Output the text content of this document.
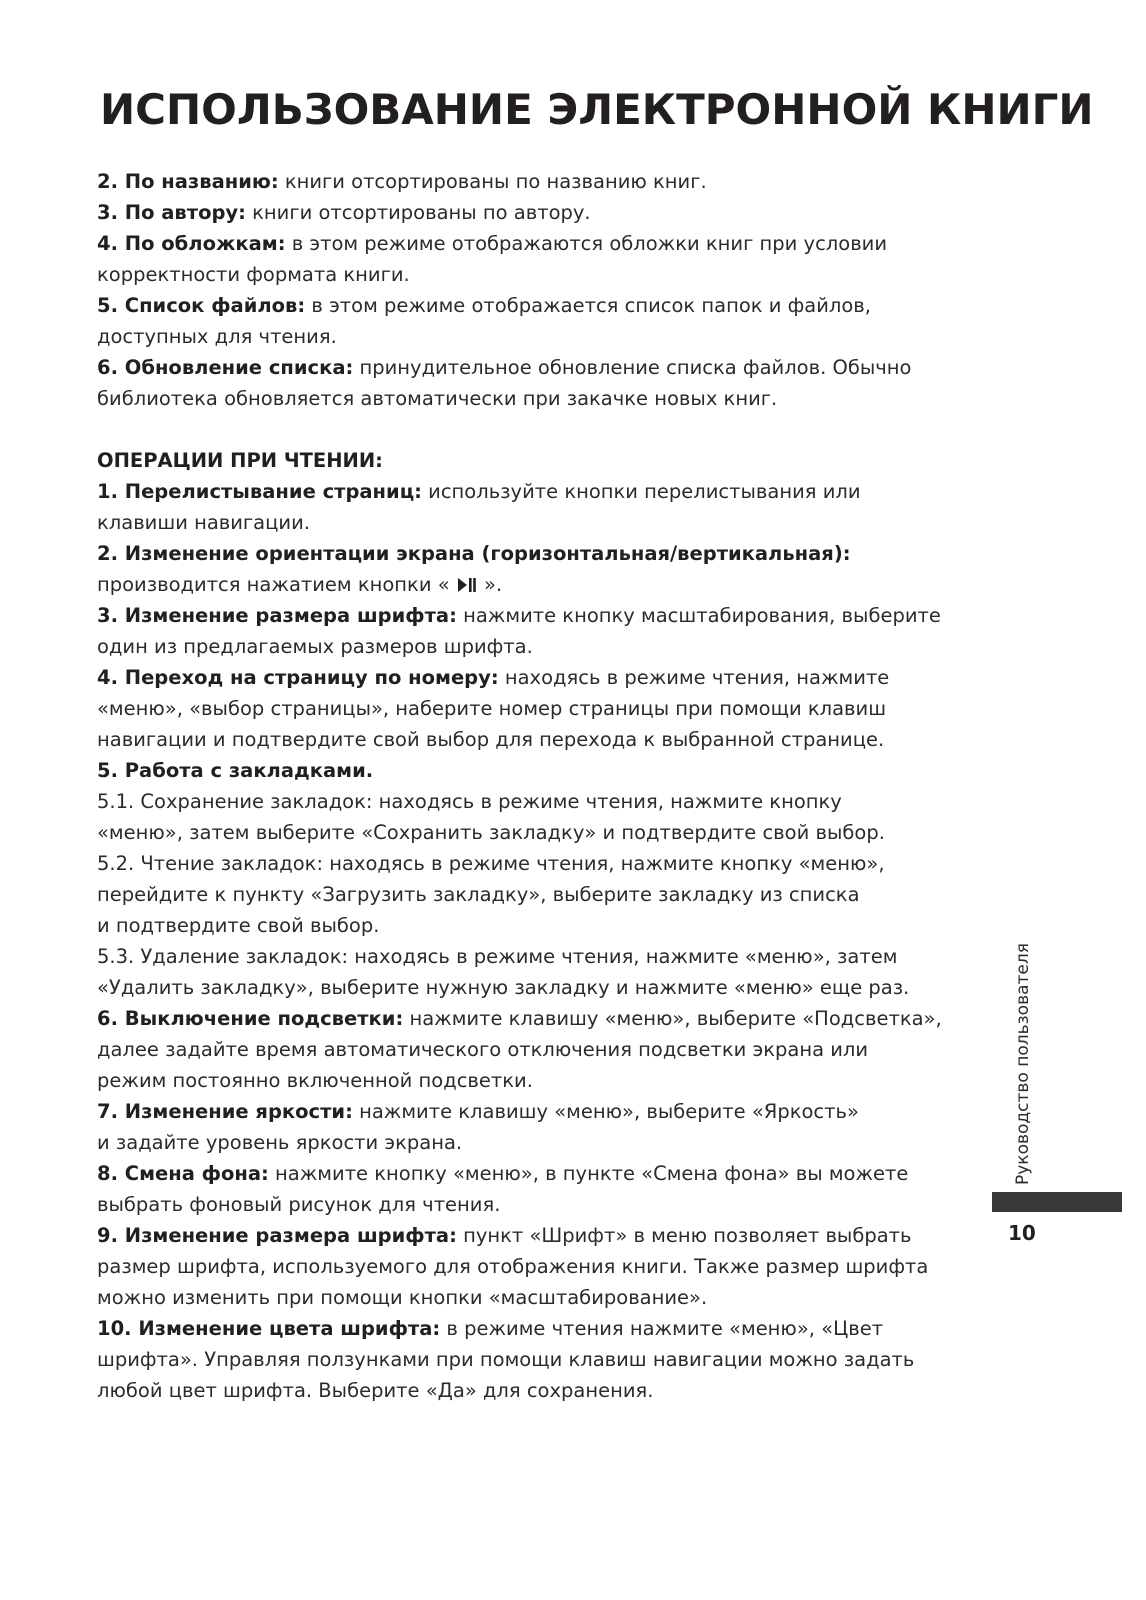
ИСПОЛЬЗОВАНИЕ ЭЛЕКТРОННОЙ КНИГИ
2. По названию: книги отсортированы по названию книг.
3. По автору: книги отсортированы по автору.
4. По обложкам: в этом режиме отображаются обложки книг при условии
корректности формата книги.
5. Список файлов: в этом режиме отображается список папок и файлов,
доступных для чтения.
6. Обновление списка: принудительное обновление списка файлов. Обычно
библиотека обновляется автоматически при закачке новых книг.
ОПЕРАЦИИ ПРИ ЧТЕНИИ:
1. Перелистывание страниц: используйте кнопки перелистывания или
клавиши навигации.
2. Изменение ориентации экрана (горизонтальная/вертикальная):
производится нажатием кнопки «  ».
3. Изменение размера шрифта: нажмите кнопку масштабирования, выберите
один из предлагаемых размеров шрифта.
4. Переход на страницу по номеру: находясь в режиме чтения, нажмите
«меню», «выбор страницы», наберите номер страницы при помощи клавиш
навигации и подтвердите свой выбор для перехода к выбранной странице.
5. Работа с закладками.
5.1. Сохранение закладок: находясь в режиме чтения, нажмите кнопку
«меню», затем выберите «Сохранить закладку» и подтвердите свой выбор.
5.2. Чтение закладок: находясь в режиме чтения, нажмите кнопку «меню»,
перейдите к пункту «Загрузить закладку», выберите закладку из списка
и подтвердите свой выбор.
5.3. Удаление закладок: находясь в режиме чтения, нажмите «меню», затем
«Удалить закладку», выберите нужную закладку и нажмите «меню» еще раз.
6. Выключение подсветки: нажмите клавишу «меню», выберите «Подсветка»,
далее задайте время автоматического отключения подсветки экрана или
режим постоянно включенной подсветки.
7. Изменение яркости: нажмите клавишу «меню», выберите «Яркость»
и задайте уровень яркости экрана.
8. Смена фона: нажмите кнопку «меню», в пункте «Смена фона» вы можете
выбрать фоновый рисунок для чтения.
9. Изменение размера шрифта: пункт «Шрифт» в меню позволяет выбрать
размер шрифта, используемого для отображения книги. Также размер шрифта
можно изменить при помощи кнопки «масштабирование».
10. Изменение цвета шрифта: в режиме чтения нажмите «меню», «Цвет
шрифта». Управляя ползунками при помощи клавиш навигации можно задать
любой цвет шрифта. Выберите «Да» для сохранения.
Руководство пользователя
10
